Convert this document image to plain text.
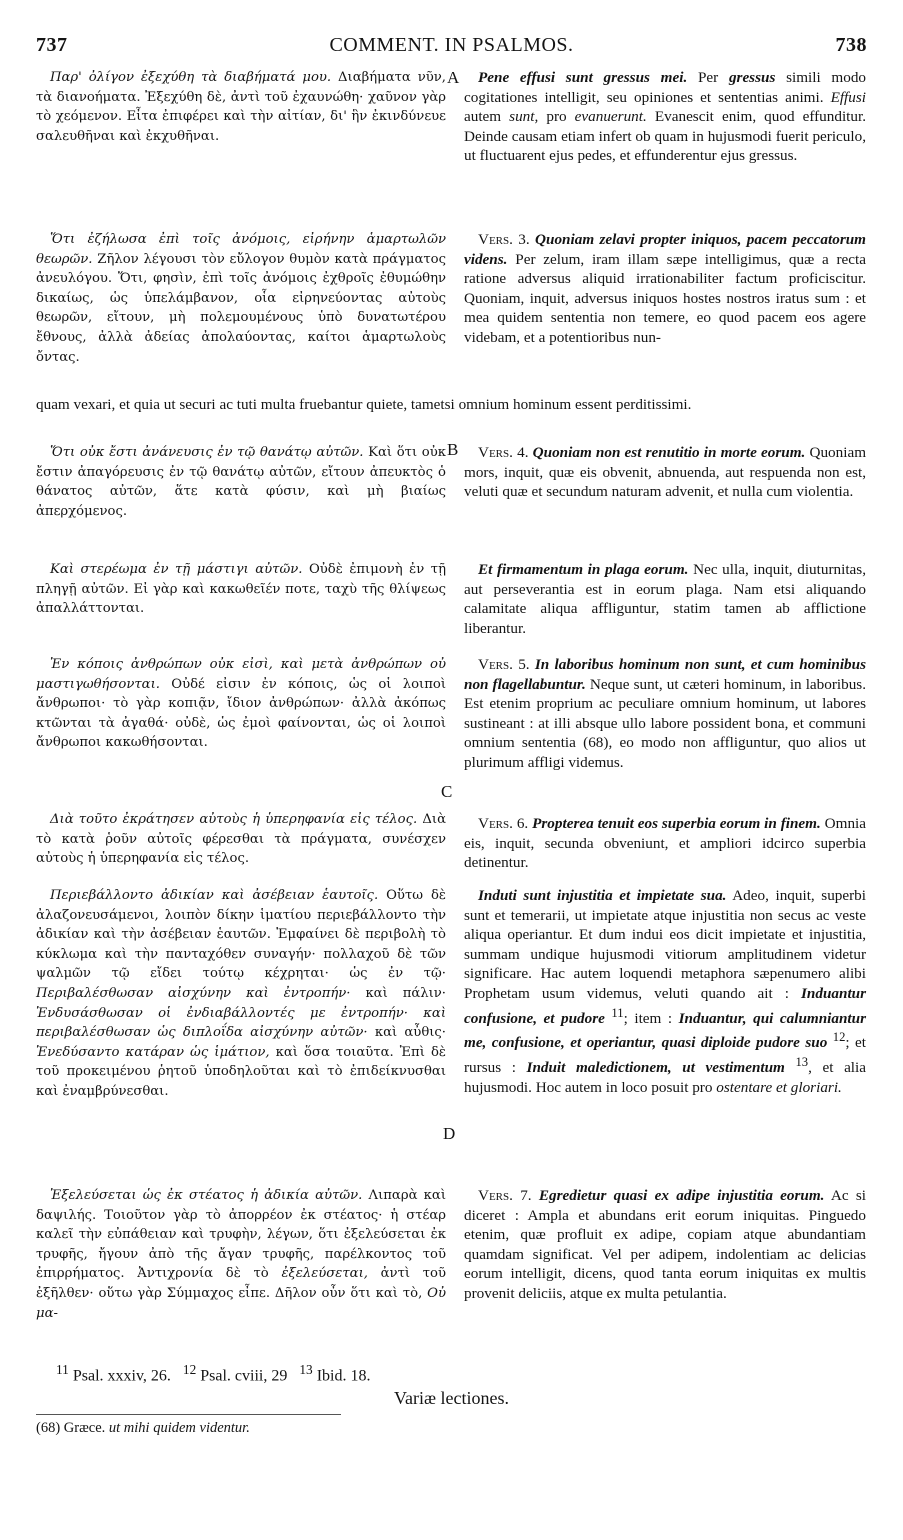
737	COMMENT. IN PSALMOS.	738

Παρ' ὀλίγον ἐξεχύθη τὰ διαβήματά μου. Διαβήματα νῦν, τὰ διανοήματα. Ἐξεχύθη δὲ, ἀντὶ τοῦ ἐχαυνώθη· χαῦνον γὰρ τὸ χεόμενον. Εἶτα ἐπιφέρει καὶ τὴν αἰτίαν, δι' ἣν ἐκινδύνευε σαλευθῆναι καὶ ἐκχυθῆναι.

Ὅτι ἐζήλωσα ἐπὶ τοῖς ἀνόμοις, εἰρήνην ἁμαρτωλῶν θεωρῶν. Ζῆλον λέγουσι τὸν εὔλογον θυμὸν κατὰ πράγματος ἀνευλόγου. Ὅτι, φησὶν, ἐπὶ τοῖς ἀνόμοις ἐχθροῖς ἐθυμώθην δικαίως, ὡς ὑπελάμβανον, οἷα εἰρηνεύοντας αὐτοὺς θεωρῶν, εἴτουν, μὴ πολεμουμένους ὑπὸ δυνατωτέρου ἔθνους, ἀλλὰ ἀδείας ἀπολαύοντας, καίτοι ἁμαρτωλοὺς ὄντας.

Ὅτι οὐκ ἔστι ἀνάνευσις ἐν τῷ θανάτῳ αὐτῶν. Καὶ ὅτι οὐκ ἔστιν ἀπαγόρευσις ἐν τῷ θανάτῳ αὐτῶν, εἴτουν ἀπευκτὸς ὁ θάνατος αὐτῶν, ἅτε κατὰ φύσιν, καὶ μὴ βιαίως ἀπερχόμενος.

Καὶ στερέωμα ἐν τῇ μάστιγι αὐτῶν. Οὐδὲ ἐπιμονὴ ἐν τῇ πληγῇ αὐτῶν. Εἰ γὰρ καὶ κακωθεῖέν ποτε, ταχὺ τῆς θλίψεως ἀπαλλάττονται.

Ἐν κόποις ἀνθρώπων οὐκ εἰσὶ, καὶ μετὰ ἀνθρώπων οὐ μαστιγωθήσονται. Οὐδέ εἰσιν ἐν κόποις, ὡς οἱ λοιποὶ ἄνθρωποι· τὸ γὰρ κοπιᾷν, ἴδιον ἀνθρώπων· ἀλλὰ ἀκόπως κτῶνται τὰ ἀγαθά· οὐδὲ, ὡς ἐμοὶ φαίνονται, ὡς οἱ λοιποὶ ἄνθρωποι κακωθήσονται.

Διὰ τοῦτο ἐκράτησεν αὐτοὺς ἡ ὑπερηφανία εἰς τέλος. Διὰ τὸ κατὰ ῥοῦν αὐτοῖς φέρεσθαι τὰ πράγματα, συνέσχεν αὐτοὺς ἡ ὑπερηφανία εἰς τέλος.

Περιεβάλλοντο ἀδικίαν καὶ ἀσέβειαν ἑαυτοῖς. Οὕτω δὲ ἀλαζονευσάμενοι, λοιπὸν δίκην ἱματίου περιεβάλλοντο τὴν ἀδικίαν καὶ τὴν ἀσέβειαν ἑαυτῶν. Ἐμφαίνει δὲ περιβολὴ τὸ κύκλωμα καὶ τὴν πανταχόθεν συναγήν· πολλαχοῦ δὲ τῶν ψαλμῶν τῷ εἴδει τούτῳ κέχρηται· ὡς ἐν τῷ· Περιβαλέσθωσαν αἰσχύνην καὶ ἐντροπήν· καὶ πάλιν· Ἐνδυσάσθωσαν οἱ ἐνδιαβάλλοντές με ἐντροπήν· καὶ περιβαλέσθωσαν ὡς διπλοΐδα αἰσχύνην αὐτῶν· καὶ αὖθις· Ἐνεδύσαντο κατάραν ὡς ἱμάτιον, καὶ ὅσα τοιαῦτα. Ἐπὶ δὲ τοῦ προκειμένου ῥητοῦ ὑποδηλοῦται καὶ τὸ ἐπιδείκνυσθαι καὶ ἐναμβρύνεσθαι.

Ἐξελεύσεται ὡς ἐκ στέατος ἡ ἀδικία αὐτῶν. Λιπαρὰ καὶ δαψιλής. Τοιοῦτον γὰρ τὸ ἀπορρέον ἐκ στέατος· ἡ στέαρ καλεῖ τὴν εὐπάθειαν καὶ τρυφὴν, λέγων, ὅτι ἐξελεύσεται ἐκ τρυφῆς, ἤγουν ἀπὸ τῆς ἄγαν τρυφῆς, παρέλκοντος τοῦ ἐπιρρήματος. Ἀντιχρονία δὲ τὸ ἐξελεύσεται, ἀντὶ τοῦ ἐξῆλθεν· οὕτω γὰρ Σύμμαχος εἶπε. Δῆλον οὖν ὅτι καὶ τὸ, Οὐ μα-

A
B
C
D

Pene effusi sunt gressus mei. Per gressus simili modo cogitationes intelligit, seu opiniones et sententias animi. Effusi autem sunt, pro evanuerunt. Evanescit enim, quod effunditur. Deinde causam etiam infert ob quam in hujusmodi fuerit periculo, ut fluctuarent ejus pedes, et effunderentur ejus gressus.

Vers. 3. Quoniam zelavi propter iniquos, pacem peccatorum videns. Per zelum, iram illam sæpe intelligimus, quæ a recta ratione adversus aliquid irrationabiliter factum proficiscitur. Quoniam, inquit, adversus iniquos hostes nostros iratus sum : et mea quidem sententia non temere, eo quod pacem eos agere videbam, et a potentioribus nun-

quam vexari, et quia ut securi ac tuti multa fruebantur quiete, tametsi omnium hominum essent perditissimi.

Vers. 4. Quoniam non est renutitio in morte eorum. Quoniam mors, inquit, quæ eis obvenit, abnuenda, aut respuenda non est, veluti quæ et secundum naturam advenit, et nulla cum violentia.

Et firmamentum in plaga eorum. Nec ulla, inquit, diuturnitas, aut perseverantia est in eorum plaga. Nam etsi aliquando calamitate aliqua affliguntur, statim tamen ab afflictione liberantur.

Vers. 5. In laboribus hominum non sunt, et cum hominibus non flagellabuntur. Neque sunt, ut cæteri hominum, in laboribus. Est etenim proprium ac peculiare omnium hominum, ut labores sustineant : at illi absque ullo labore possident bona, et communi omnium sententia (68), eo modo non affliguntur, quo alios ut plurimum affligi videmus.

Vers. 6. Propterea tenuit eos superbia eorum in finem. Omnia eis, inquit, secunda obveniunt, et ampliori idcirco superbia detinentur.

Induti sunt injustitia et impietate sua. Adeo, inquit, superbi sunt et temerarii, ut impietate atque injustitia non secus ac veste aliqua operiantur. Et dum indui eos dicit impietate et injustitia, summam undique hujusmodi vitiorum amplitudinem videtur significare. Hac autem loquendi metaphora sæpenumero alibi Prophetam usum videmus, veluti quando ait : Induantur confusione, et pudore $^{11}$; item : Induantur, qui calumniantur me, confusione, et operiantur, quasi diploide pudore suo $^{12}$; et rursus : Induit maledictionem, ut vestimentum $^{13}$, et alia hujusmodi. Hoc autem in loco posuit pro ostentare et gloriari.

Vers. 7. Egredietur quasi ex adipe injustitia eorum. Ac si diceret : Ampla et abundans erit eorum iniquitas. Pinguedo etenim, quæ profluit ex adipe, copiam atque abundantiam quamdam significat. Vel per adipem, indolentiam ac delicias eorum intelligit, dicens, quod tanta eorum iniquitas ex multis provenit deliciis, atque ex multa petulantia.

$^{11}$ Psal. xxxiv, 26. $^{12}$ Psal. cviii, 29 $^{13}$ Ibid. 18.
Variæ lectiones.
(68) Græce. ut mihi quidem videntur.
